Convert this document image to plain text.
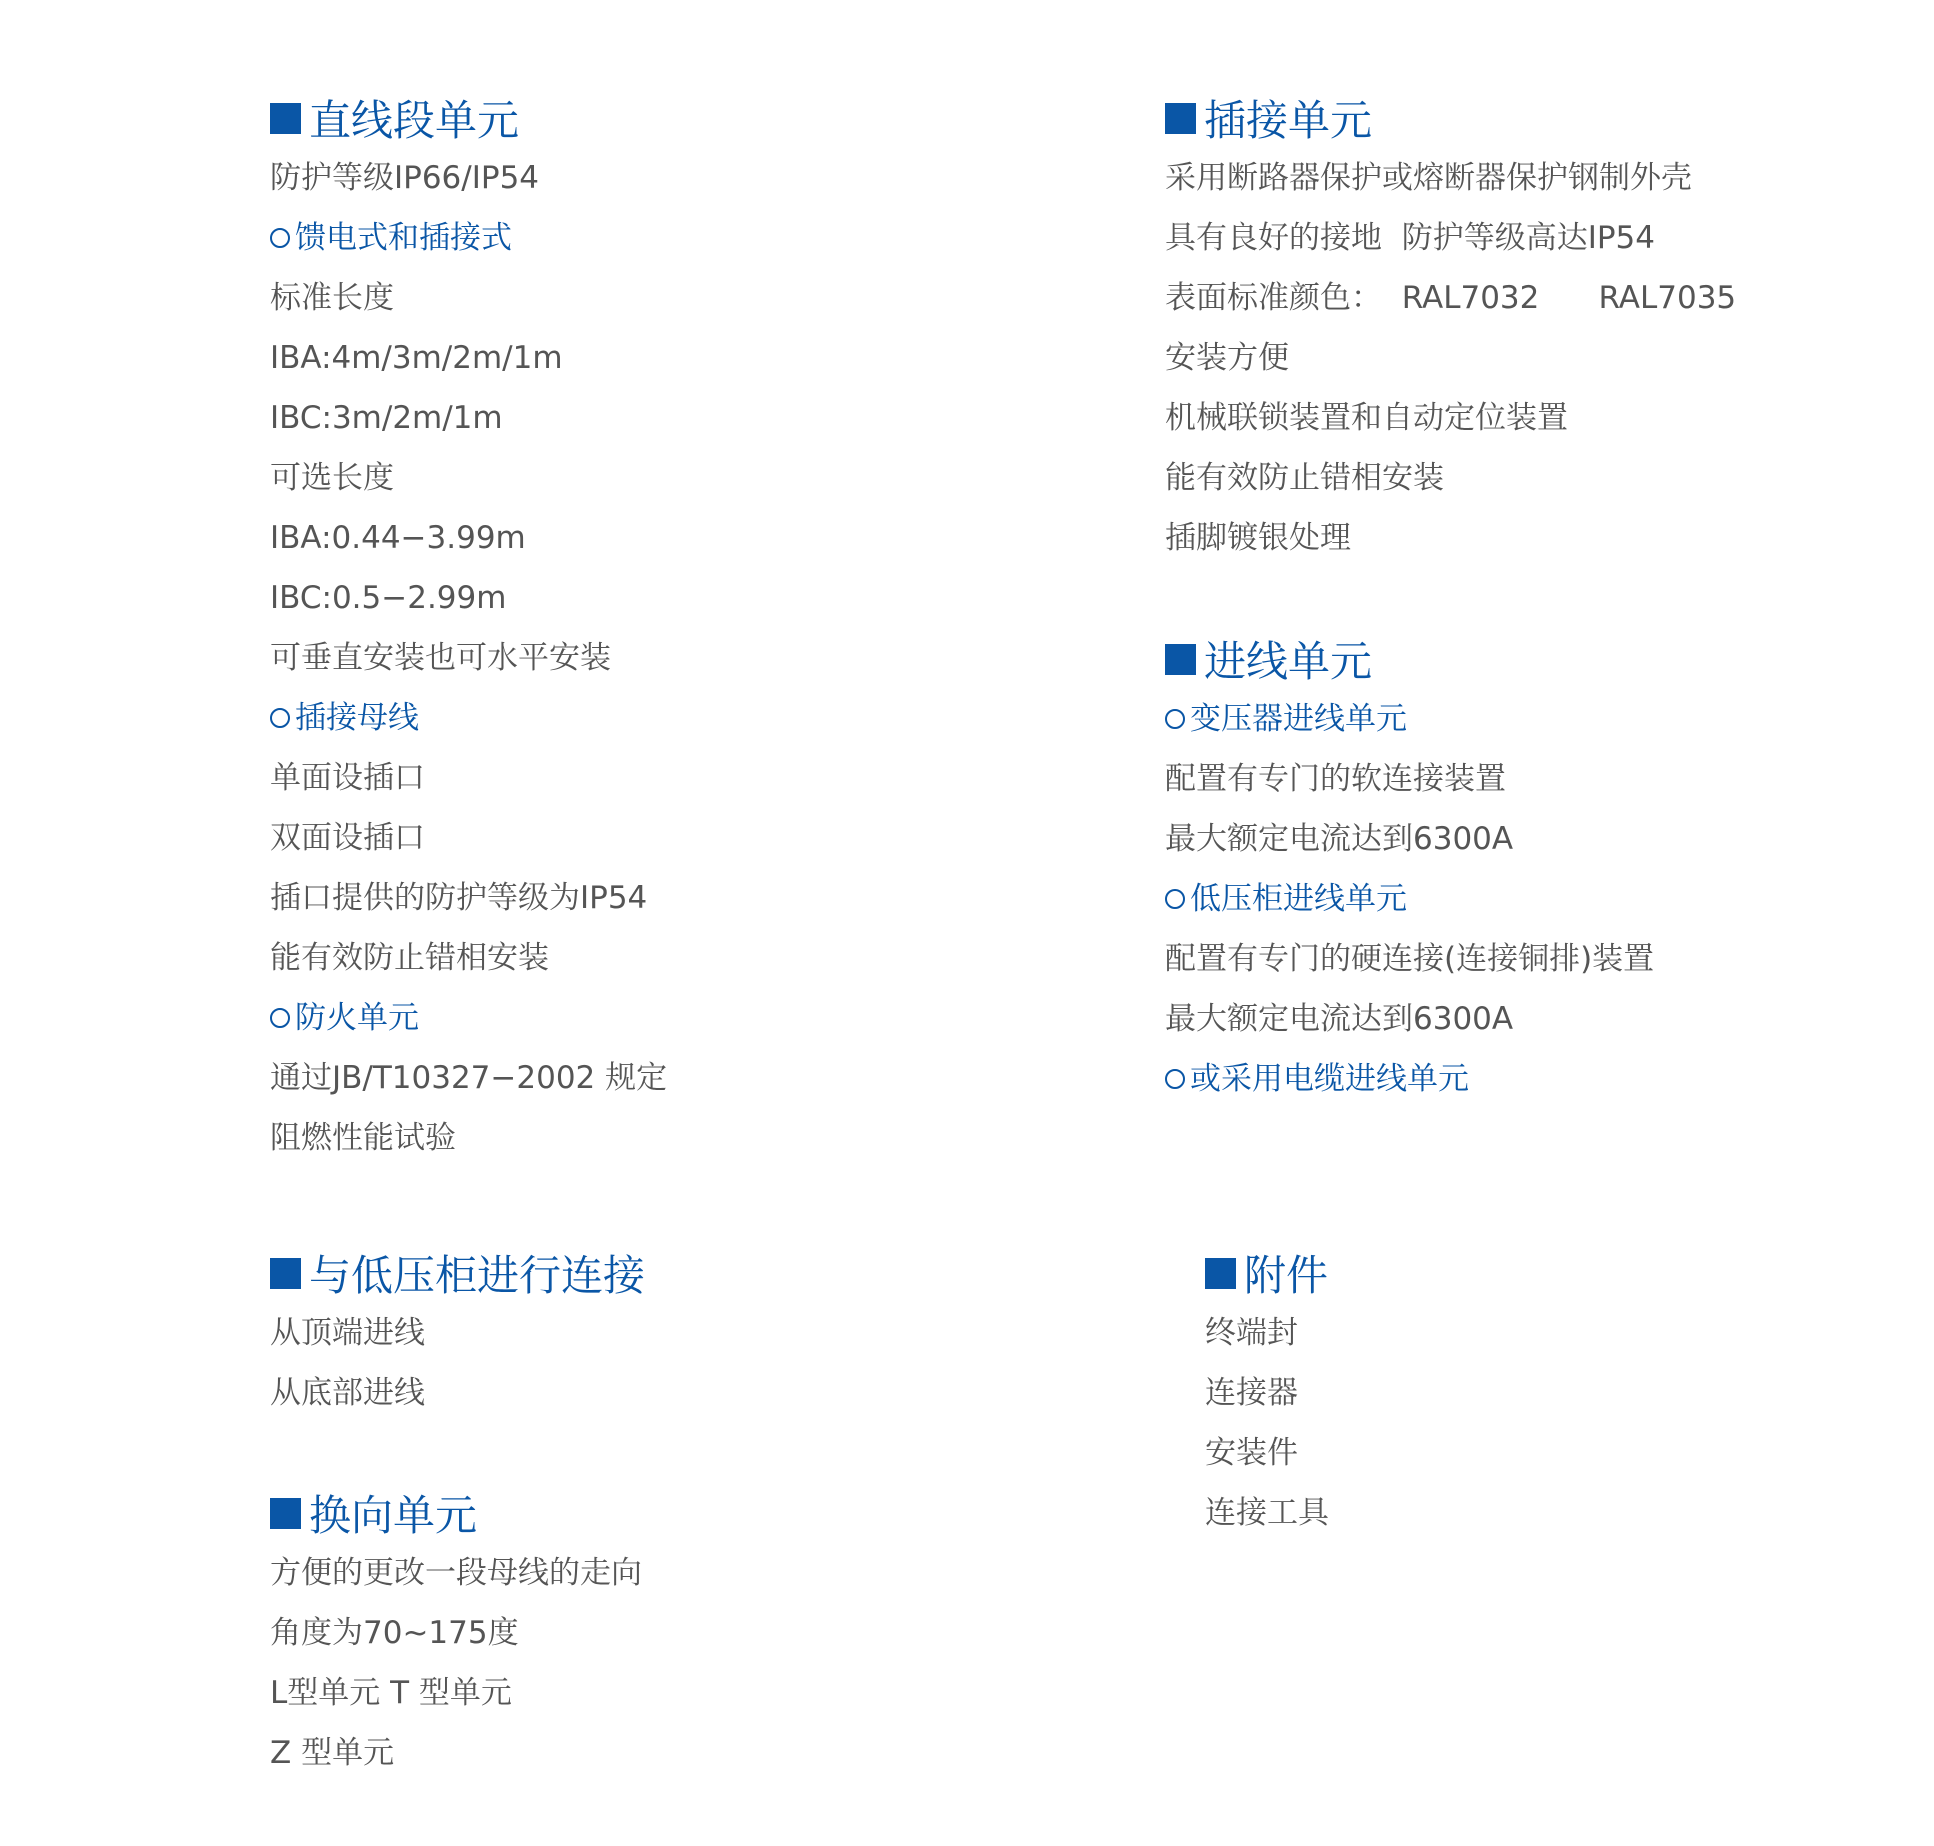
直线段单元
防护等级IP66/IP54
馈电式和插接式
标准长度
IBA:4m/3m/2m/1m
IBC:3m/2m/1m
可选长度
IBA:0.44−3.99m
IBC:0.5−2.99m
可垂直安装也可水平安装
插接母线
单面设插口
双面设插口
插口提供的防护等级为IP54
能有效防止错相安装
防火单元
通过JB/T10327−2002 规定
阻燃性能试验
插接单元
采用断路器保护或熔断器保护钢制外壳
具有良好的接地  防护等级高达IP54
表面标准颜色：  RAL7032      RAL7035
安装方便
机械联锁装置和自动定位装置
能有效防止错相安装
插脚镀银处理
进线单元
变压器进线单元
配置有专门的软连接装置
最大额定电流达到6300A
低压柜进线单元
配置有专门的硬连接(连接铜排)装置
最大额定电流达到6300A
或采用电缆进线单元
与低压柜进行连接
从顶端进线
从底部进线
换向单元
方便的更改一段母线的走向
角度为70~175度
L型单元 T 型单元
Z 型单元
附件
终端封
连接器
安装件
连接工具
